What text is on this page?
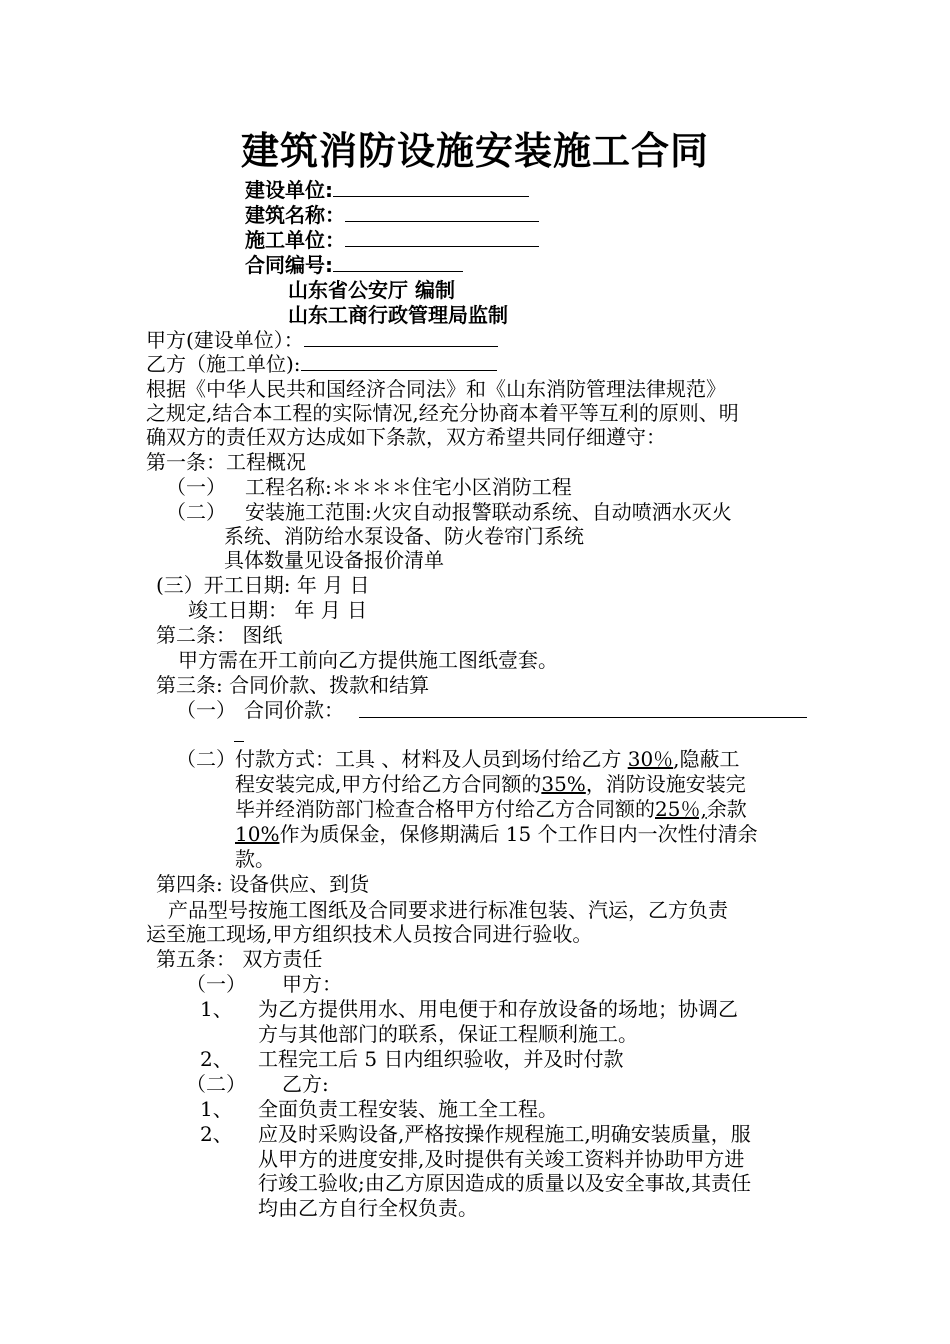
建筑消防设施安装施工合同
建设单位:
建筑名称：
施工单位：
合同编号:
山东省公安厅 编制
山东工商行政管理局监制
甲方(建设单位）：
乙方（施工单位):
根据《中华人民共和国经济合同法》和《山东消防管理法律规范》
之规定,结合本工程的实际情况,经充分协商本着平等互利的原则、明
确双方的责任双方达成如下条款，双方希望共同仔细遵守：
第一条：工程概况
（一） 工程名称:＊＊＊＊住宅小区消防工程
（二） 安装施工范围:火灾自动报警联动系统、自动喷洒水灭火
系统、消防给水泵设备、防火卷帘门系统
具体数量见设备报价清单
(三）开工日期: 年 月 日
竣工日期： 年 月 日
第二条： 图纸
甲方需在开工前向乙方提供施工图纸壹套。
第三条: 合同价款、拨款和结算
（一） 合同价款：
（二） 付款方式：工具 、材料及人员到场付给乙方 30％,隐蔽工
程安装完成,甲方付给乙方合同额的35%，消防设施安装完
毕并经消防部门检查合格甲方付给乙方合同额的25％,余款
10%作为质保金，保修期满后 15 个工作日内一次性付清余
款。
第四条: 设备供应、到货
产品型号按施工图纸及合同要求进行标准包装、汽运，乙方负责
运至施工现场,甲方组织技术人员按合同进行验收。
第五条： 双方责任
（一） 甲方：
1、 为乙方提供用水、用电便于和存放设备的场地；协调乙
方与其他部门的联系，保证工程顺利施工。
2、 工程完工后 5 日内组织验收，并及时付款
（二） 乙方:
1、 全面负责工程安装、施工全工程。
2、 应及时采购设备,严格按操作规程施工,明确安装质量，服
从甲方的进度安排,及时提供有关竣工资料并协助甲方进
行竣工验收;由乙方原因造成的质量以及安全事故,其责任
均由乙方自行全权负责。
